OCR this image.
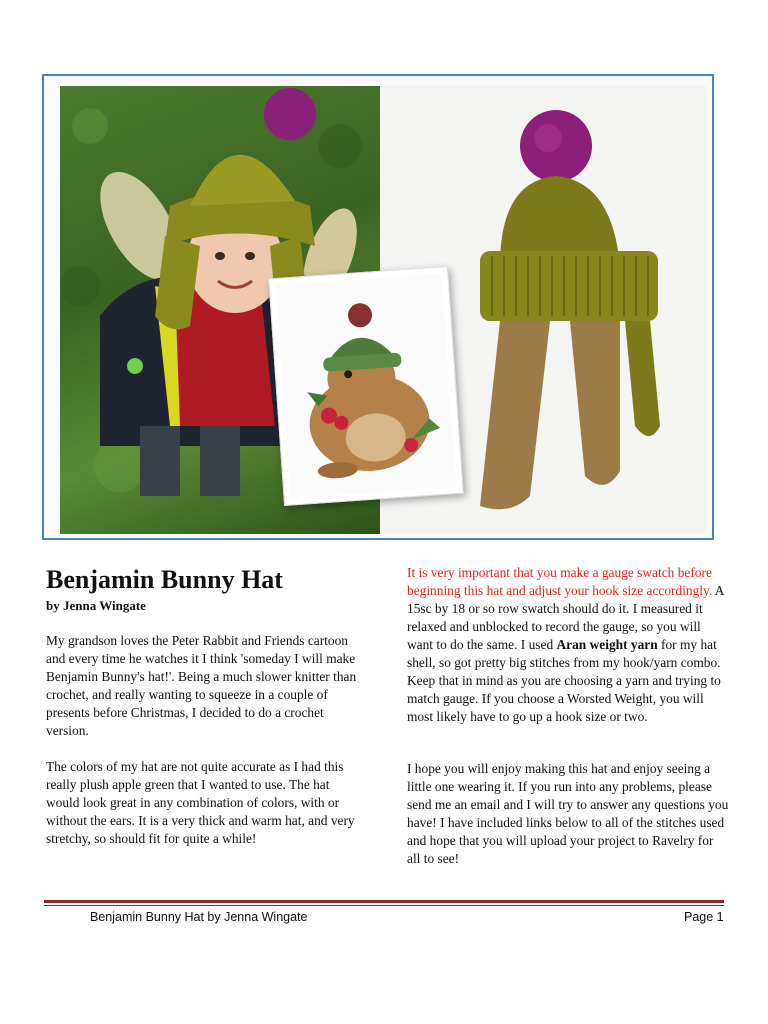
Benjamin Bunny Hat
by Jenna Wingate

My grandson loves the Peter Rabbit and Friends cartoon and every time he watches it I think 'someday I will make Benjamin Bunny's hat!'. Being a much slower knitter than crochet, and really wanting to squeeze in a couple of presents before Christmas, I decided to do a crochet version.

The colors of my hat are not quite accurate as I had this really plush apple green that I wanted to use. The hat would look great in any combination of colors, with or without the ears. It is a very thick and warm hat, and very stretchy, so should fit for quite a while!

It is very important that you make a gauge swatch before beginning this hat and adjust your hook size accordingly. A 15sc by 18 or so row swatch should do it. I measured it relaxed and unblocked to record the gauge, so you will want to do the same. I used Aran weight yarn for my hat shell, so got pretty big stitches from my hook/yarn combo. Keep that in mind as you are choosing a yarn and trying to match gauge. If you choose a Worsted Weight, you will most likely have to go up a hook size or two.

I hope you will enjoy making this hat and enjoy seeing a little one wearing it. If you run into any problems, please send me an email and I will try to answer any questions you have! I have included links below to all of the stitches used and hope that you will upload your project to Ravelry for all to see!

Benjamin Bunny Hat by Jenna Wingate	Page 1
